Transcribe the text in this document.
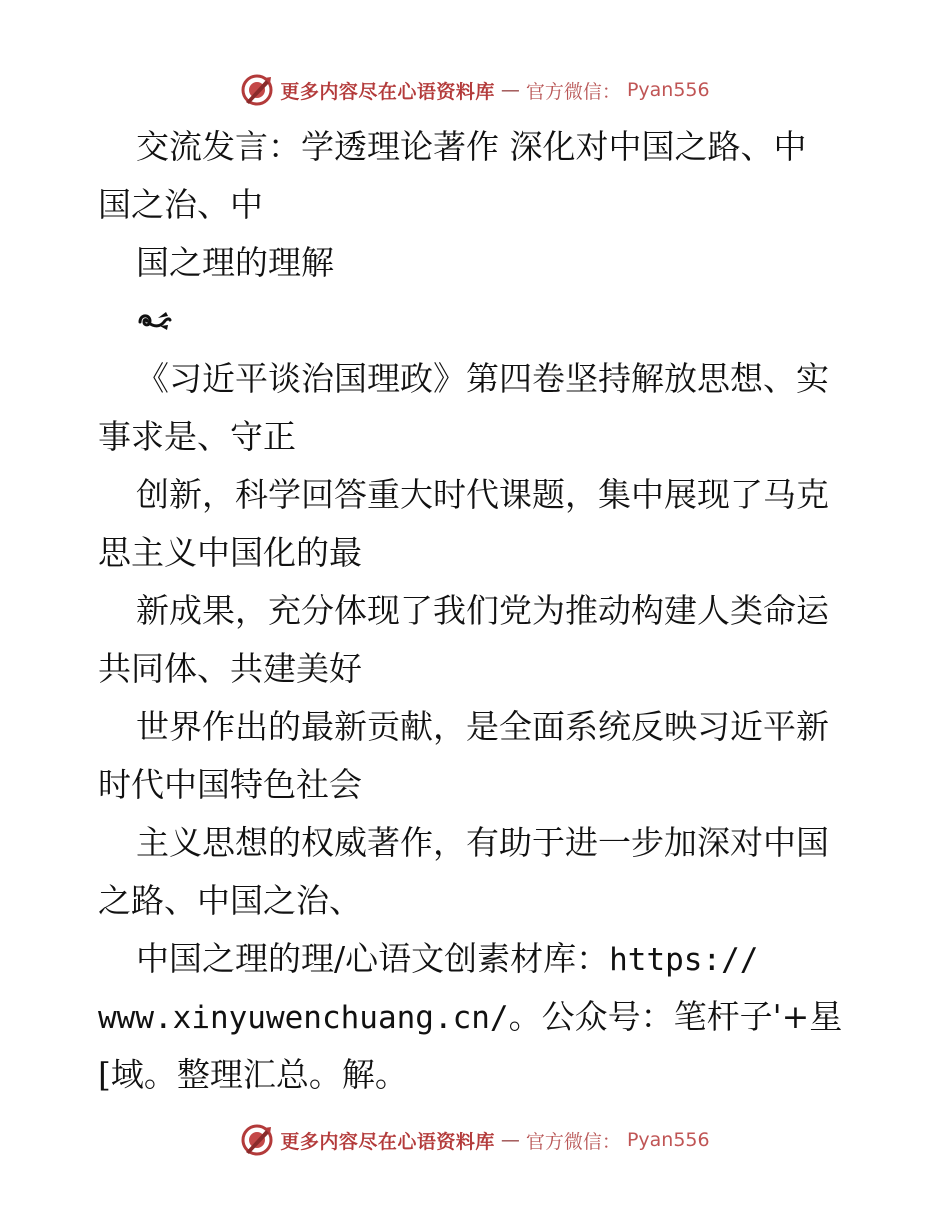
更多内容尽在心语资料库 — 官方微信： Pyan556
交流发言：学透理论著作 深化对中国之路、中
国之治、中
国之理的理解
《习近平谈治国理政》第四卷坚持解放思想、实
事求是、守正
创新，科学回答重大时代课题，集中展现了马克
思主义中国化的最
新成果，充分体现了我们党为推动构建人类命运
共同体、共建美好
世界作出的最新贡献，是全面系统反映习近平新
时代中国特色社会
主义思想的权威著作，有助于进一步加深对中国
之路、中国之治、
中国之理的理/心语文创素材库：https://
www.xinyuwenchuang.cn/。公众号：笔杆子'+星
[域。整理汇总。解。
更多内容尽在心语资料库 — 官方微信： Pyan556
